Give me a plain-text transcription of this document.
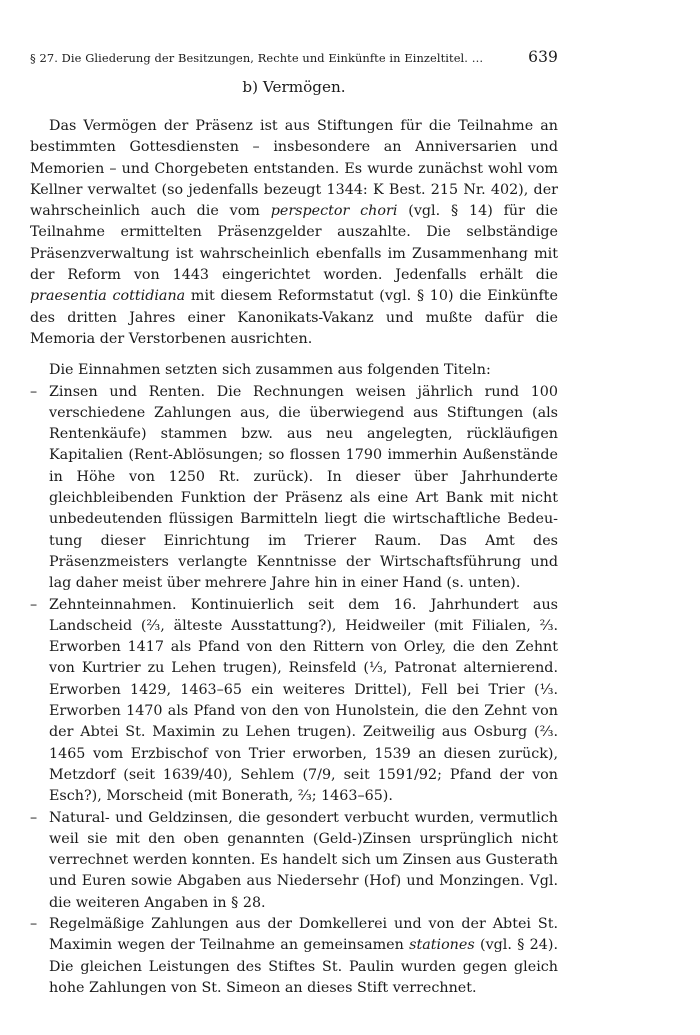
§ 27. Die Gliederung der Besitzungen, Rechte und Einkünfte in Einzeltitel. …	639
b) Vermögen.

Das Vermögen der Präsenz ist aus Stiftungen für die Teilnahme an bestimmten Gottesdiensten – insbesondere an Anniversarien und Memorien – und Chorgebeten entstanden. Es wurde zunächst wohl vom Kellner verwaltet (so jedenfalls bezeugt 1344: K Best. 215 Nr. 402), der wahrscheinlich auch die vom perspector chori (vgl. § 14) für die Teilnahme ermittelten Präsenzgelder auszahlte. Die selbständige Präsenzverwaltung ist wahrscheinlich ebenfalls im Zusammenhang mit der Reform von 1443 eingerichtet worden. Jedenfalls erhält die praesentia cottidiana mit diesem Reformstatut (vgl. § 10) die Einkünfte des dritten Jahres einer Kanonikats-Vakanz und mußte dafür die Memoria der Verstorbenen ausrichten.

Die Einnahmen setzten sich zusammen aus folgenden Titeln:

– Zinsen und Renten. Die Rechnungen weisen jährlich rund 100 verschiedene Zahlungen aus, die überwiegend aus Stiftungen (als Rentenkäufe) stammen bzw. aus neu angelegten, rückläufigen Kapitalien (Rent-Ablösungen; so flossen 1790 immerhin Außenstände in Höhe von 1250 Rt. zurück). In dieser über Jahrhunderte gleichbleibenden Funktion der Präsenz als eine Art Bank mit nicht unbedeutenden flüssigen Barmitteln liegt die wirtschaftliche Bedeutung dieser Einrichtung im Trierer Raum. Das Amt des Präsenzmeisters verlangte Kenntnisse der Wirtschaftsführung und lag daher meist über mehrere Jahre hin in einer Hand (s. unten).
– Zehnteinnahmen. Kontinuierlich seit dem 16. Jahrhundert aus Landscheid (⅔, älteste Ausstattung?), Heidweiler (mit Filialen, ⅔. Erworben 1417 als Pfand von den Rittern von Orley, die den Zehnt von Kurtrier zu Lehen trugen), Reinsfeld (⅓, Patronat alternierend. Erworben 1429, 1463–65 ein weiteres Drittel), Fell bei Trier (⅓. Erworben 1470 als Pfand von den von Hunolstein, die den Zehnt von der Abtei St. Maximin zu Lehen trugen). Zeitweilig aus Osburg (⅔. 1465 vom Erzbischof von Trier erworben, 1539 an diesen zurück), Metzdorf (seit 1639/40), Sehlem (7/9, seit 1591/92; Pfand der von Esch?), Morscheid (mit Bonerath, ⅔; 1463–65).
– Natural- und Geldzinsen, die gesondert verbucht wurden, vermutlich weil sie mit den oben genannten (Geld-)Zinsen ursprünglich nicht verrechnet werden konnten. Es handelt sich um Zinsen aus Gusterath und Euren sowie Abgaben aus Niedersehr (Hof) und Monzingen. Vgl. die weiteren Angaben in § 28.
– Regelmäßige Zahlungen aus der Domkellerei und von der Abtei St. Maximin wegen der Teilnahme an gemeinsamen stationes (vgl. § 24). Die gleichen Leistungen des Stiftes St. Paulin wurden gegen gleich hohe Zahlungen von St. Simeon an dieses Stift verrechnet.
